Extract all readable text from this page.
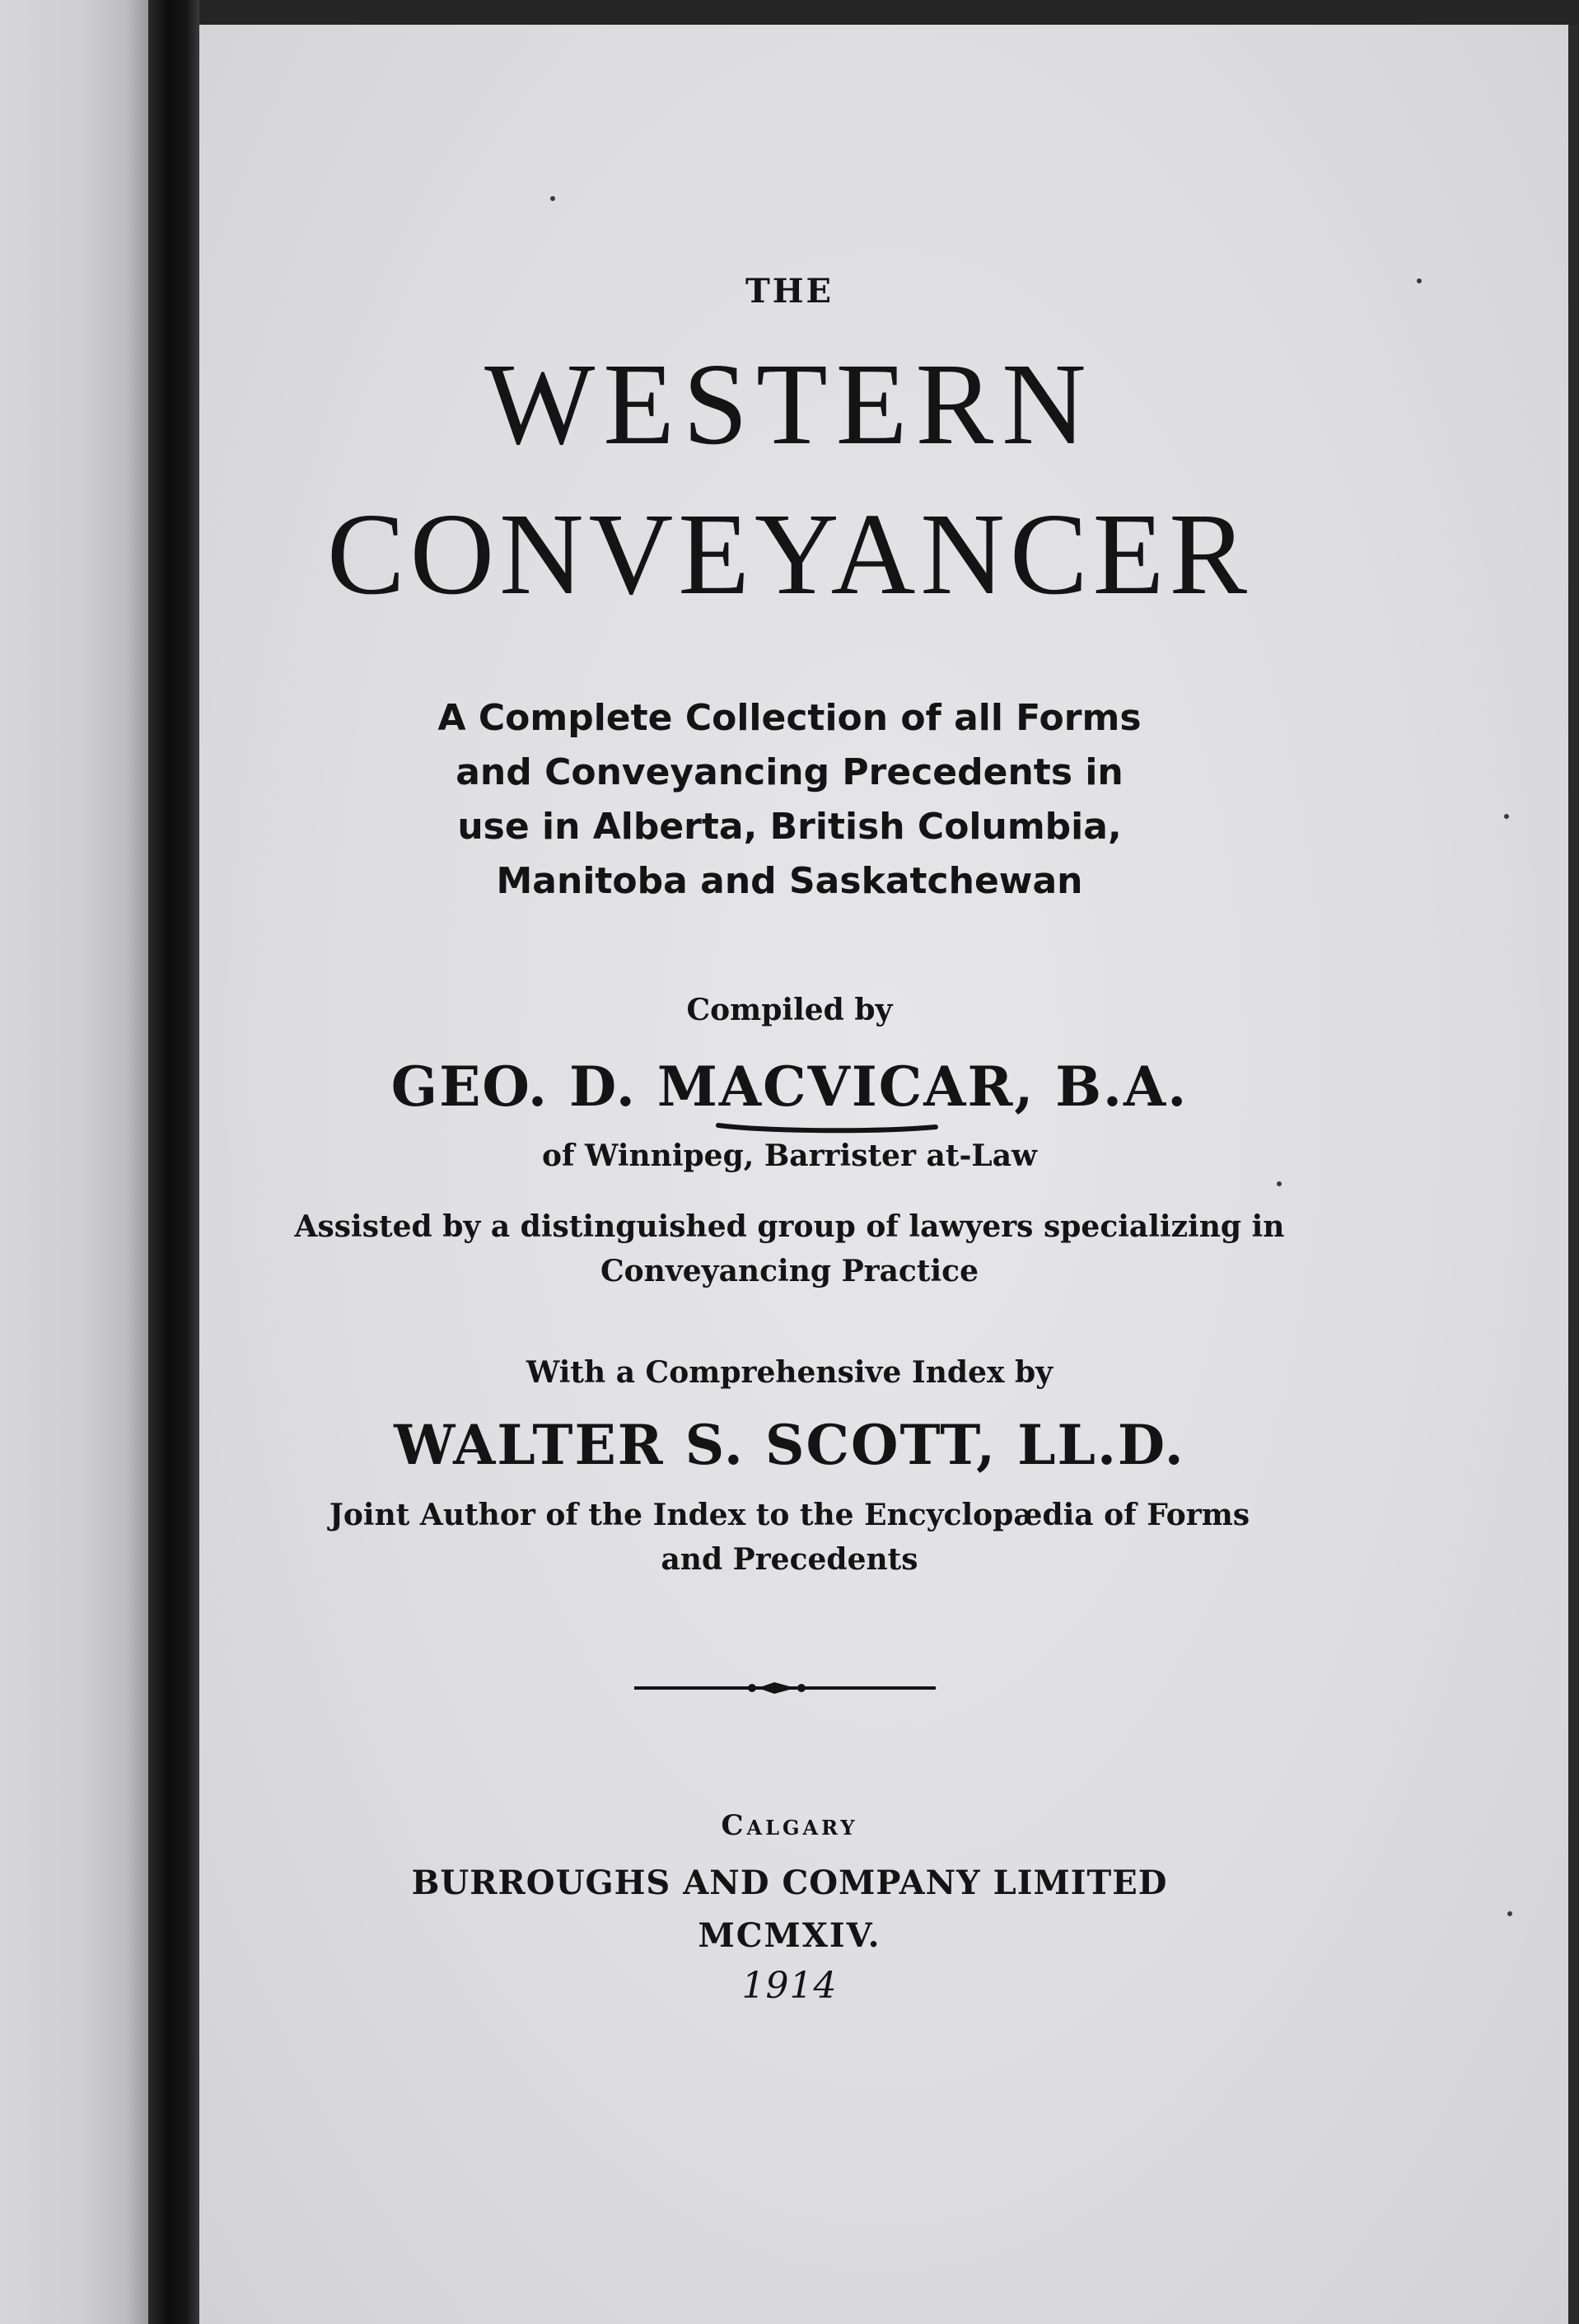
THE
WESTERN
CONVEYANCER
A Complete Collection of all Forms
and Conveyancing Precedents in
use in Alberta, British Columbia,
Manitoba and Saskatchewan
Compiled by
GEO. D. MACVICAR, B.A.
of Winnipeg, Barrister at-Law
Assisted by a distinguished group of lawyers specializing in
Conveyancing Practice
With a Comprehensive Index by
WALTER S. SCOTT, LL.D.
Joint Author of the Index to the Encyclopædia of Forms
and Precedents
Calgary
BURROUGHS AND COMPANY LIMITED
MCMXIV.
1914
